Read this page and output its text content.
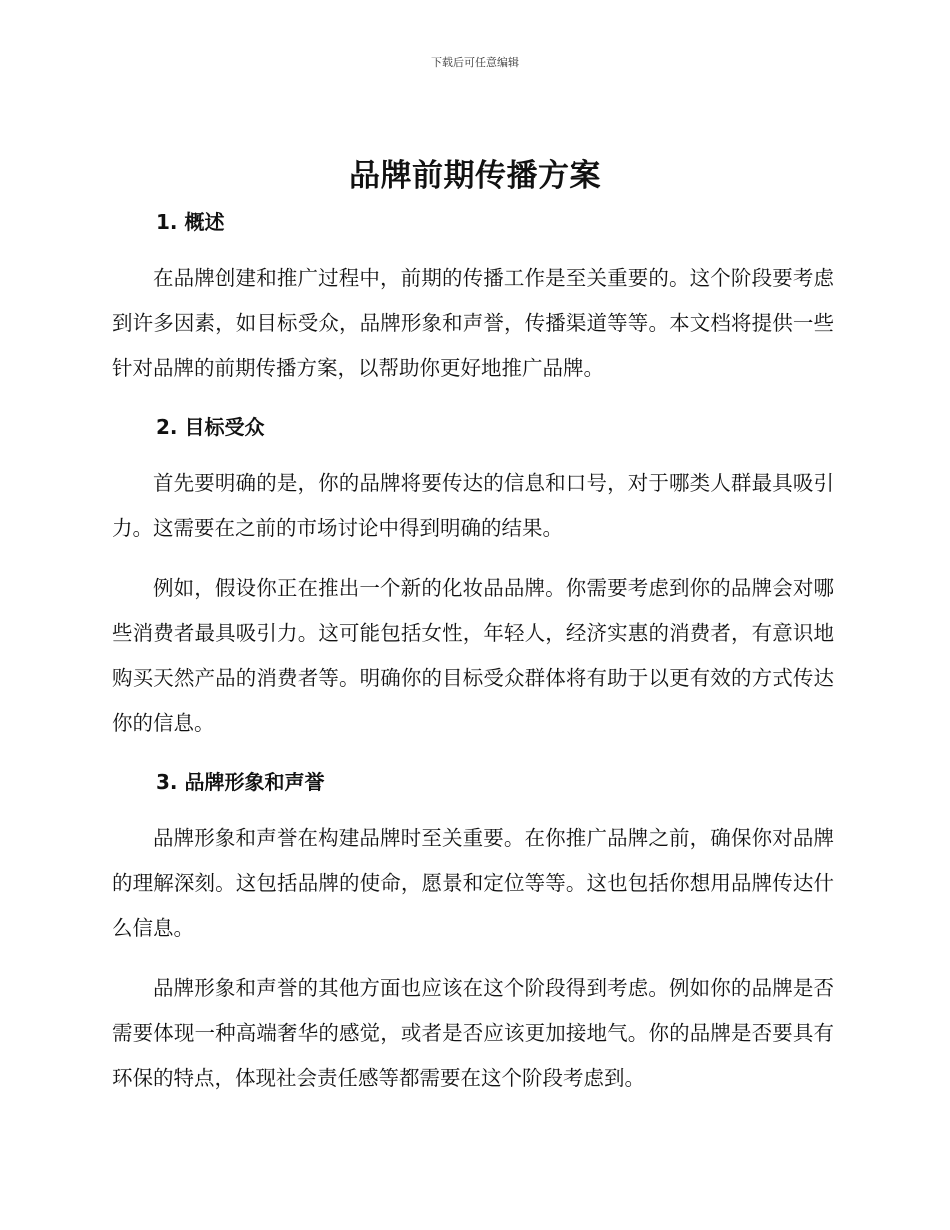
下载后可任意编辑
品牌前期传播方案
1. 概述

在品牌创建和推广过程中，前期的传播工作是至关重要的。这个阶段要考虑到许多因素，如目标受众，品牌形象和声誉，传播渠道等等。本文档将提供一些针对品牌的前期传播方案，以帮助你更好地推广品牌。

2. 目标受众

首先要明确的是，你的品牌将要传达的信息和口号，对于哪类人群最具吸引力。这需要在之前的市场讨论中得到明确的结果。

例如，假设你正在推出一个新的化妆品品牌。你需要考虑到你的品牌会对哪些消费者最具吸引力。这可能包括女性，年轻人，经济实惠的消费者，有意识地购买天然产品的消费者等。明确你的目标受众群体将有助于以更有效的方式传达你的信息。

3. 品牌形象和声誉

品牌形象和声誉在构建品牌时至关重要。在你推广品牌之前，确保你对品牌的理解深刻。这包括品牌的使命，愿景和定位等等。这也包括你想用品牌传达什么信息。

品牌形象和声誉的其他方面也应该在这个阶段得到考虑。例如你的品牌是否需要体现一种高端奢华的感觉，或者是否应该更加接地气。你的品牌是否要具有环保的特点，体现社会责任感等都需要在这个阶段考虑到。
